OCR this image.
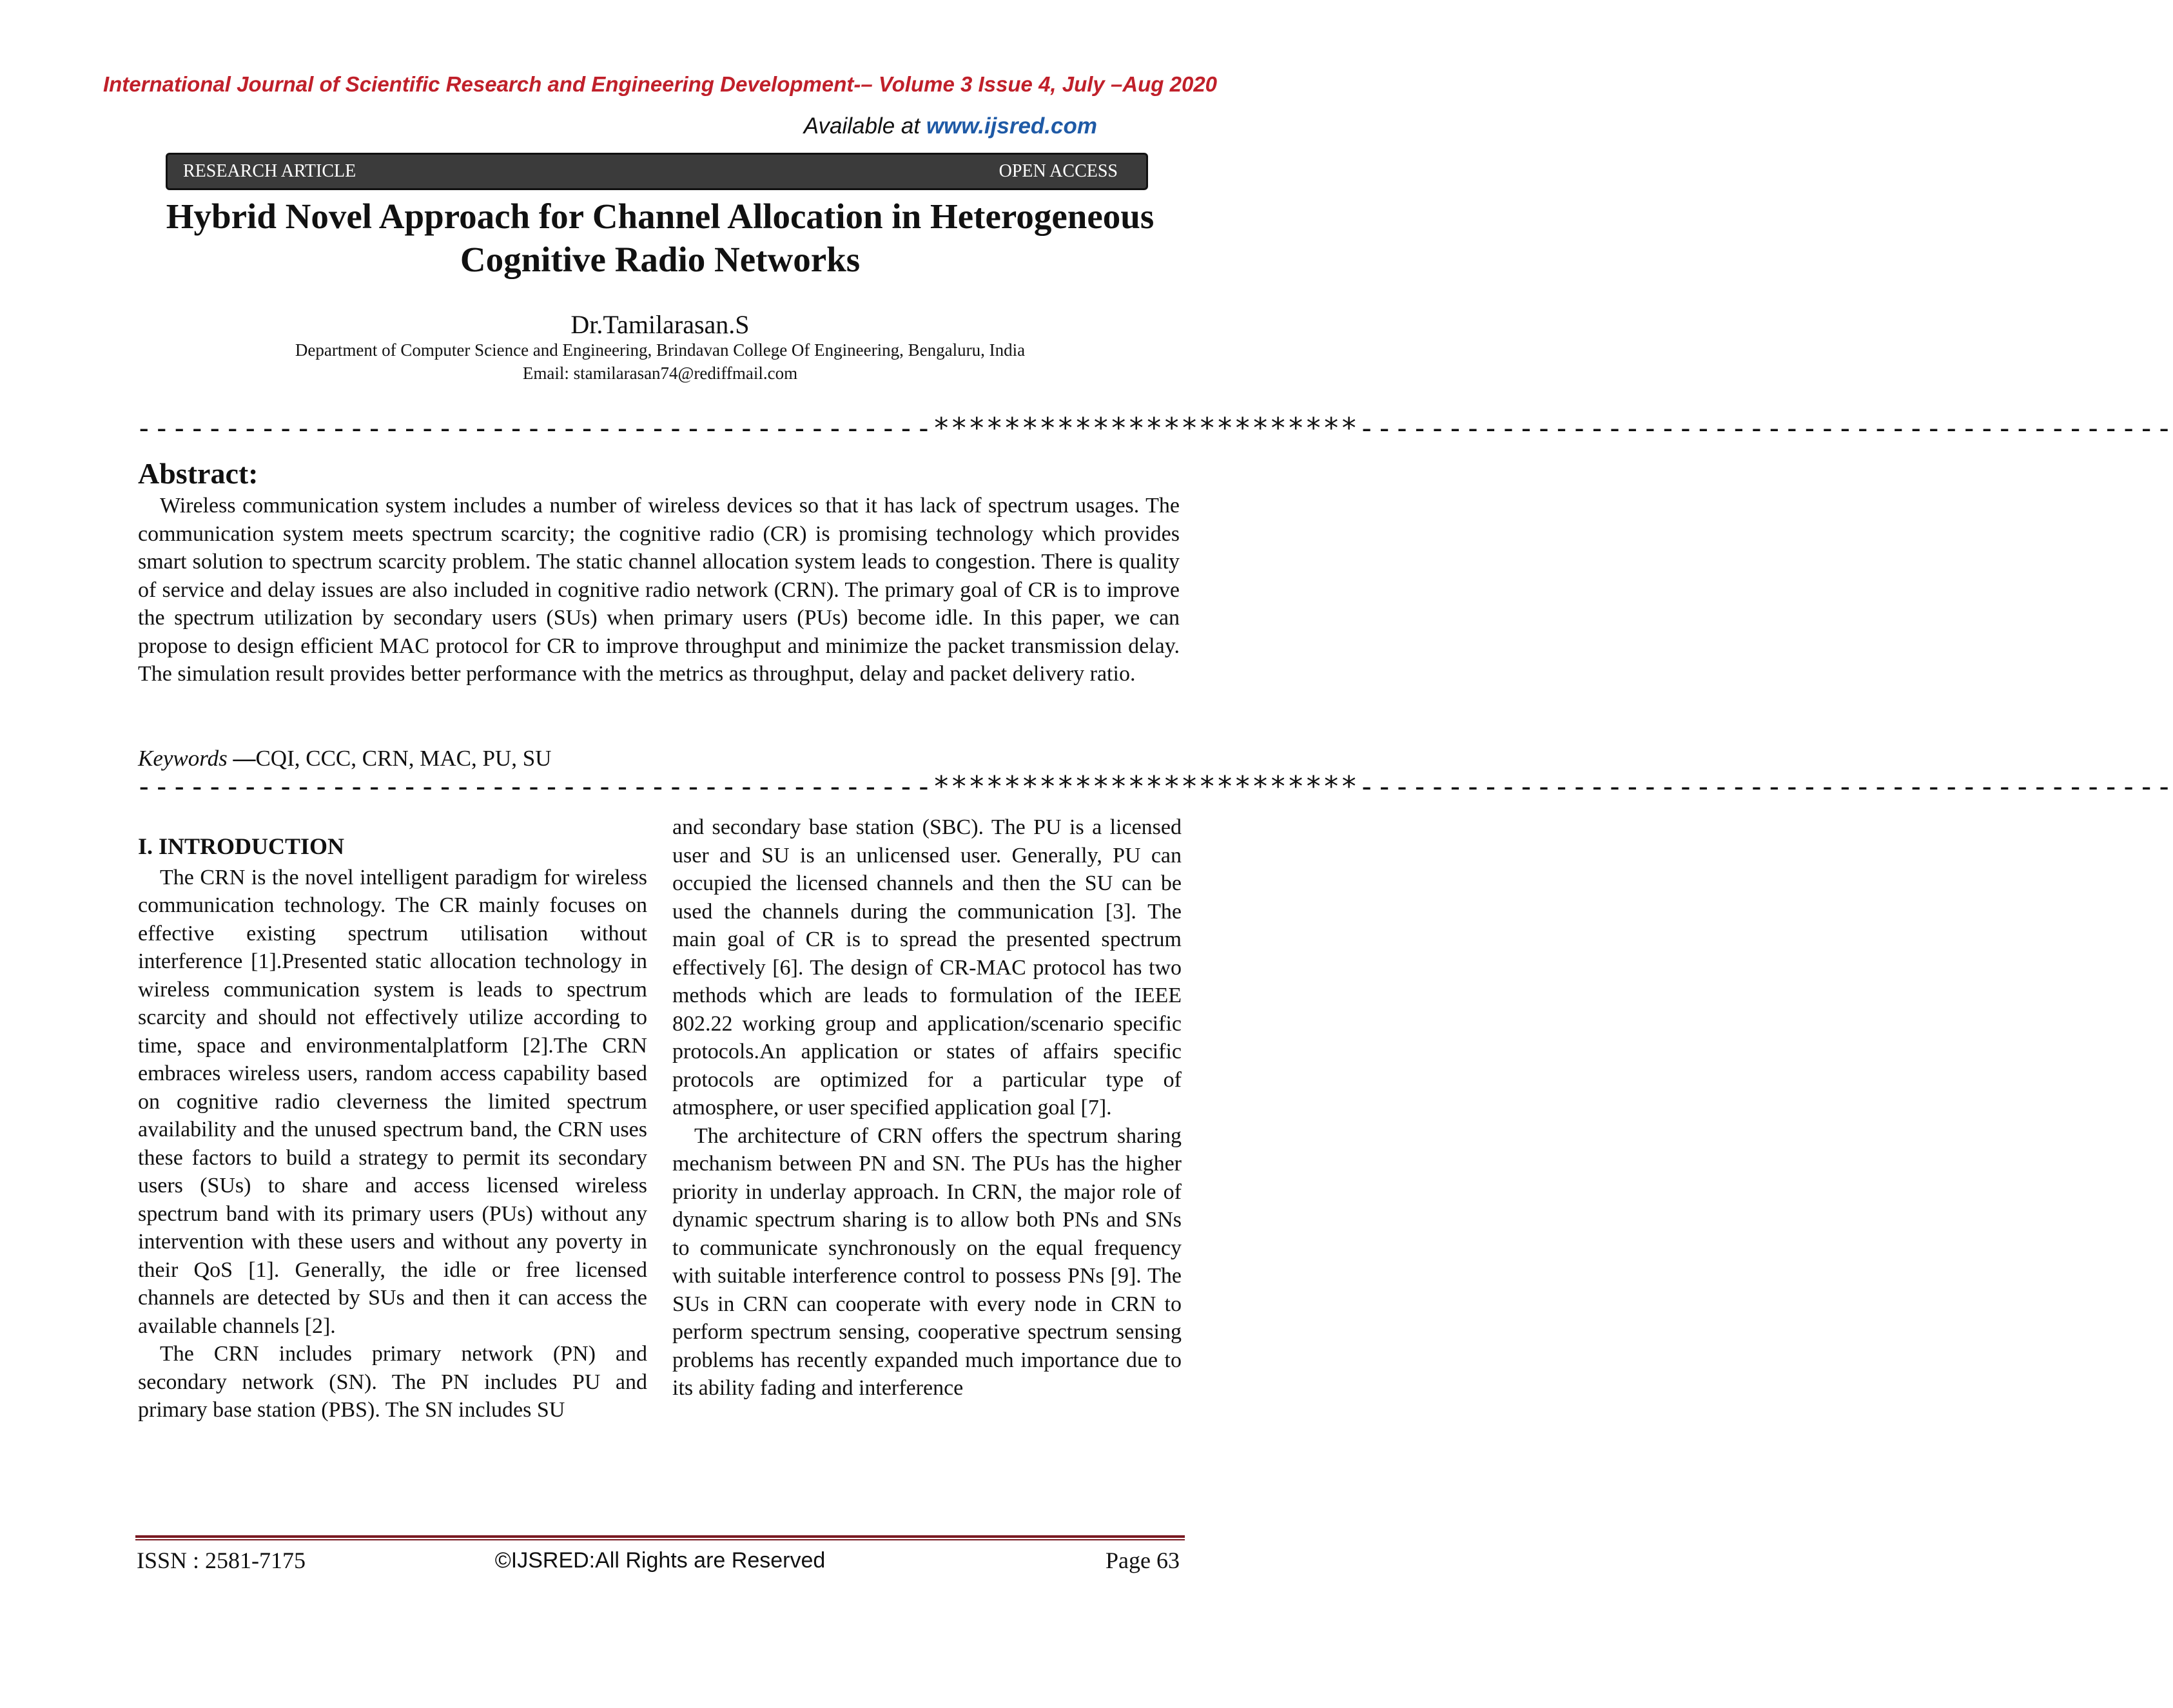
International Journal of Scientific Research and Engineering Development-– Volume 3 Issue 4, July –Aug 2020
Available at www.ijsred.com
RESEARCH ARTICLE	OPEN ACCESS
Hybrid Novel Approach for Channel Allocation in Heterogeneous
Cognitive Radio Networks
Dr.Tamilarasan.S
Department of Computer Science and Engineering, Brindavan College Of Engineering, Bengaluru, India
Email: stamilarasan74@rediffmail.com
---------------------------------------------************************----------------------------------------------
Abstract:
Wireless communication system includes a number of wireless devices so that it has lack of spectrum usages. The communication system meets spectrum scarcity; the cognitive radio (CR) is promising technology which provides smart solution to spectrum scarcity problem. The static channel allocation system leads to congestion. There is quality of service and delay issues are also included in cognitive radio network (CRN). The primary goal of CR is to improve the spectrum utilization by secondary users (SUs) when primary users (PUs) become idle. In this paper, we can propose to design efficient MAC protocol for CR to improve throughput and minimize the packet transmission delay. The simulation result provides better performance with the metrics as throughput, delay and packet delivery ratio.
Keywords —CQI, CCC, CRN, MAC, PU, SU
---------------------------------------------************************----------------------------------------------
I. INTRODUCTION

The CRN is the novel intelligent paradigm for wireless communication technology. The CR mainly focuses on effective existing spectrum utilisation without interference [1].Presented static allocation technology in wireless communication system is leads to spectrum scarcity and should not effectively utilize according to time, space and environmentalplatform [2].The CRN embraces wireless users, random access capability based on cognitive radio cleverness the limited spectrum availability and the unused spectrum band, the CRN uses these factors to build a strategy to permit its secondary users (SUs) to share and access licensed wireless spectrum band with its primary users (PUs) without any intervention with these users and without any poverty in their QoS [1]. Generally, the idle or free licensed channels are detected by SUs and then it can access the available channels [2].

The CRN includes primary network (PN) and secondary network (SN). The PN includes PU and primary base station (PBS). The SN includes SU

and secondary base station (SBC). The PU is a licensed user and SU is an unlicensed user. Generally, PU can occupied the licensed channels and then the SU can be used the channels during the communication [3]. The main goal of CR is to spread the presented spectrum effectively [6]. The design of CR-MAC protocol has two methods which are leads to formulation of the IEEE 802.22 working group and application/scenario specific protocols.An application or states of affairs specific protocols are optimized for a particular type of atmosphere, or user specified application goal [7].

The architecture of CRN offers the spectrum sharing mechanism between PN and SN. The PUs has the higher priority in underlay approach. In CRN, the major role of dynamic spectrum sharing is to allow both PNs and SNs to communicate synchronously on the equal frequency with suitable interference control to possess PNs [9]. The SUs in CRN can cooperate with every node in CRN to perform spectrum sensing, cooperative spectrum sensing problems has recently expanded much importance due to its ability fading and interference

ISSN : 2581-7175	©IJSRED:All Rights are Reserved	Page 63
